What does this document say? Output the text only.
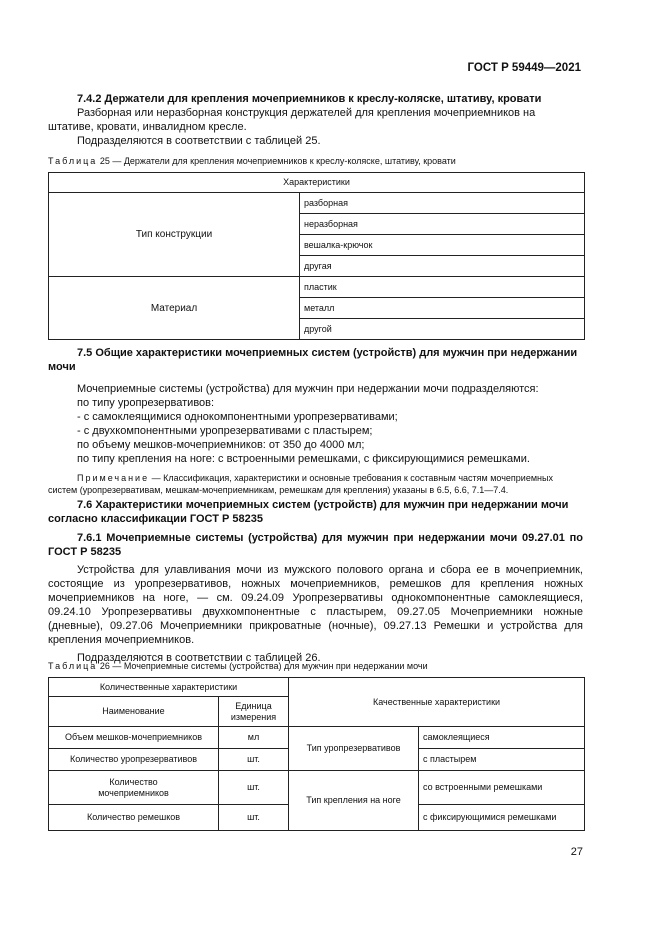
ГОСТ Р 59449—2021
7.4.2 Держатели для крепления мочеприемников к креслу-коляске, штативу, кровати

Разборная или неразборная конструкция держателей для крепления мочеприемников на штативе, кровати, инвалидном кресле.

Подразделяются в соответствии с таблицей 25.

Таблица 25 — Держатели для крепления мочеприемников к креслу-коляске, штативу, кровати
Характеристики	
Тип конструкции	разборная
	неразборная
	вешалка-крючок
	другая
Материал	пластик
	металл
	другой
7.5 Общие характеристики мочеприемных систем (устройств) для мужчин при недержании мочи

Мочеприемные системы (устройства) для мужчин при недержании мочи подразделяются:

по типу уропрезервативов:

- с самоклеящимися однокомпонентными уропрезервативами;

- с двухкомпонентными уропрезервативами с пластырем;

по объему мешков-мочеприемников: от 350 до 4000 мл;

по типу крепления на ноге: с встроенными ремешками, с фиксирующимися ремешками.

Примечание — Классификация, характеристики и основные требования к составным частям мочеприемных систем (уропрезервативам, мешкам-мочеприемникам, ремешкам для крепления) указаны в 6.5, 6.6, 7.1—7.4.

7.6 Характеристики мочеприемных систем (устройств) для мужчин при недержании мочи согласно классификации ГОСТ Р 58235
7.6.1 Мочеприемные системы (устройства) для мужчин при недержании мочи 09.27.01 по ГОСТ Р 58235

Устройства для улавливания мочи из мужского полового органа и сбора ее в мочеприемник, состоящие из уропрезервативов, ножных мочеприемников, ремешков для крепления ножных мочеприемников на ноге, — см. 09.24.09 Уропрезервативы однокомпонентные самоклеящиеся, 09.24.10 Уропрезервативы двухкомпонентные с пластырем, 09.27.05 Мочеприемники ножные (дневные), 09.27.06 Мочеприемники прикроватные (ночные), 09.27.13 Ремешки и устройства для крепления мочеприемников.

Подразделяются в соответствии с таблицей 26.

Таблица 26 — Мочеприемные системы (устройства) для мужчин при недержании мочи
Количественные характеристики		Качественные характеристики	
Наименование	Единица измерения		
Объем мешков-мочеприемников	мл	Тип уропрезервативов	самоклеящиеся
Количество уропрезервативов	шт.		с пластырем
Количество мочеприемников	шт.	Тип крепления на ноге	со встроенными ремешками
Количество ремешков	шт.		с фиксирующимися ремешками
27
